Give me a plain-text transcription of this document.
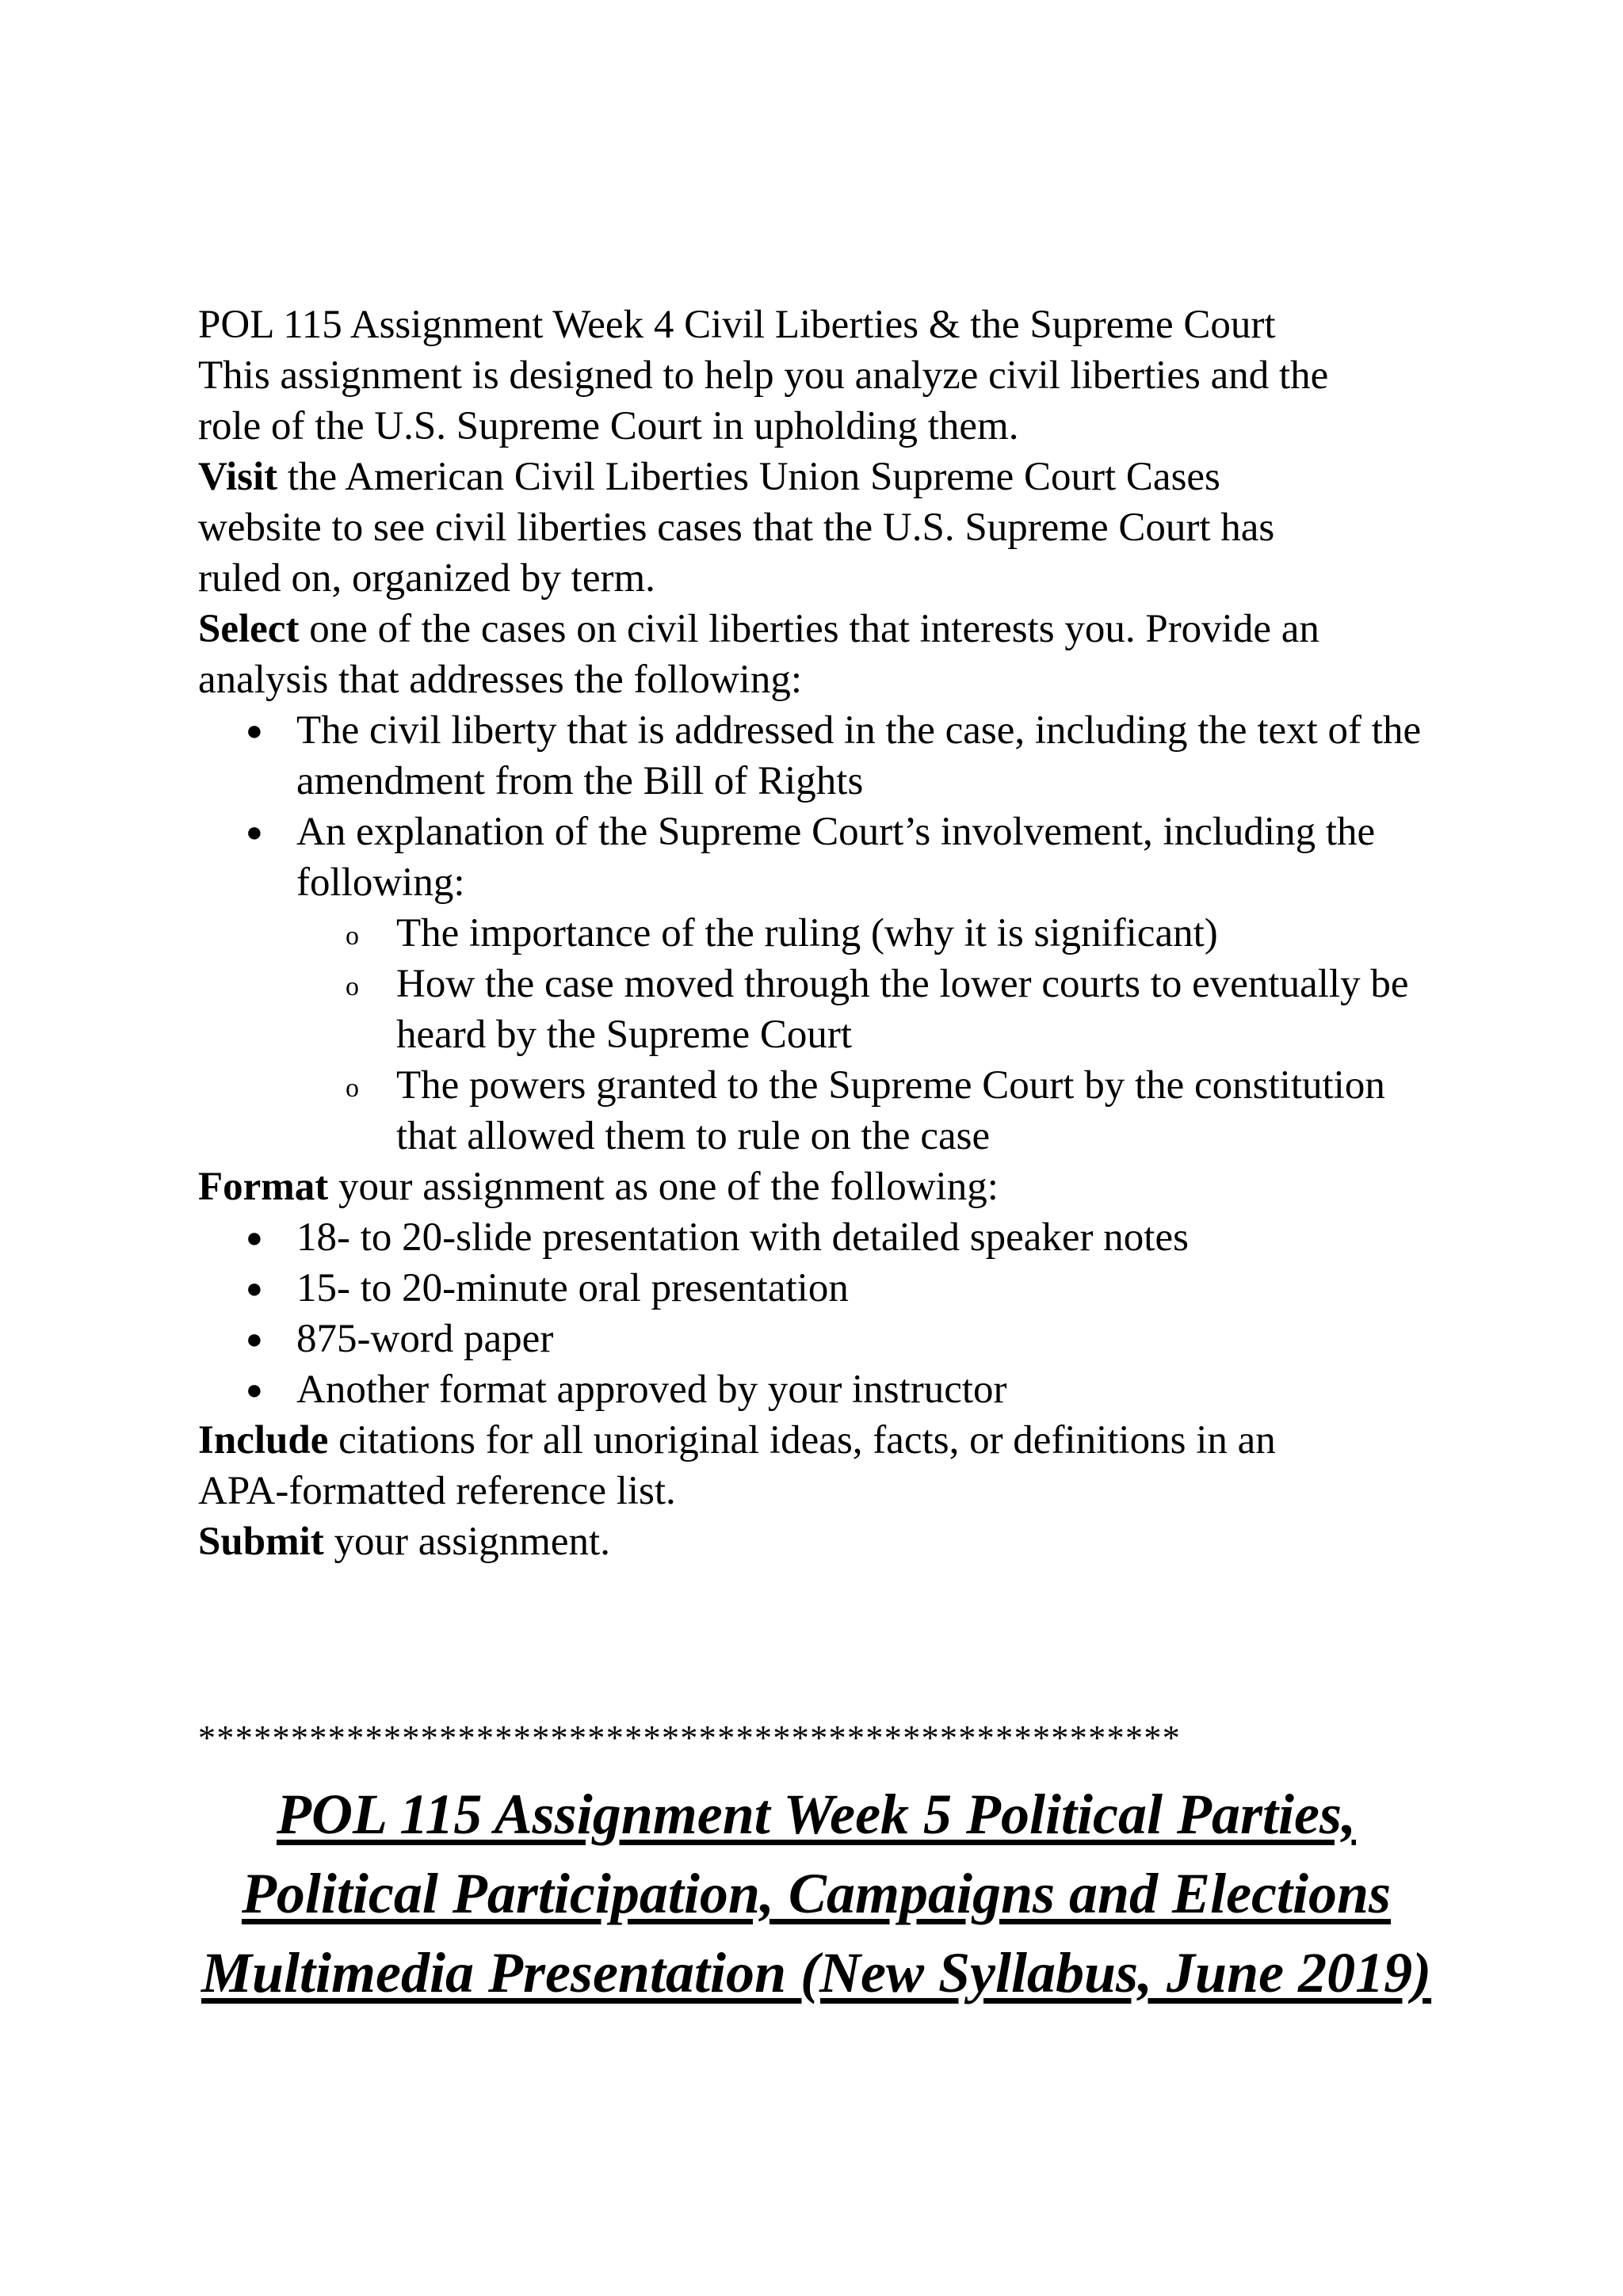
POL 115 Assignment Week 4 Civil Liberties & the Supreme Court

This assignment is designed to help you analyze civil liberties and the

role of the U.S. Supreme Court in upholding them.

Visit the American Civil Liberties Union Supreme Court Cases

website to see civil liberties cases that the U.S. Supreme Court has

ruled on, organized by term.

Select one of the cases on civil liberties that interests you. Provide an

analysis that addresses the following:

● The civil liberty that is addressed in the case, including the text of the amendment from the Bill of Rights
● An explanation of the Supreme Court’s involvement, including the following:
o The importance of the ruling (why it is significant)
o How the case moved through the lower courts to eventually be heard by the Supreme Court
o The powers granted to the Supreme Court by the constitution that allowed them to rule on the case

Format your assignment as one of the following:

● 18- to 20-slide presentation with detailed speaker notes
● 15- to 20-minute oral presentation
● 875-word paper
● Another format approved by your instructor

Include citations for all unoriginal ideas, facts, or definitions in an

APA-formatted reference list.

Submit your assignment.

*****************************************************
POL 115 Assignment Week 5 Political Parties, Political Participation, Campaigns and Elections Multimedia Presentation (New Syllabus, June 2019)
